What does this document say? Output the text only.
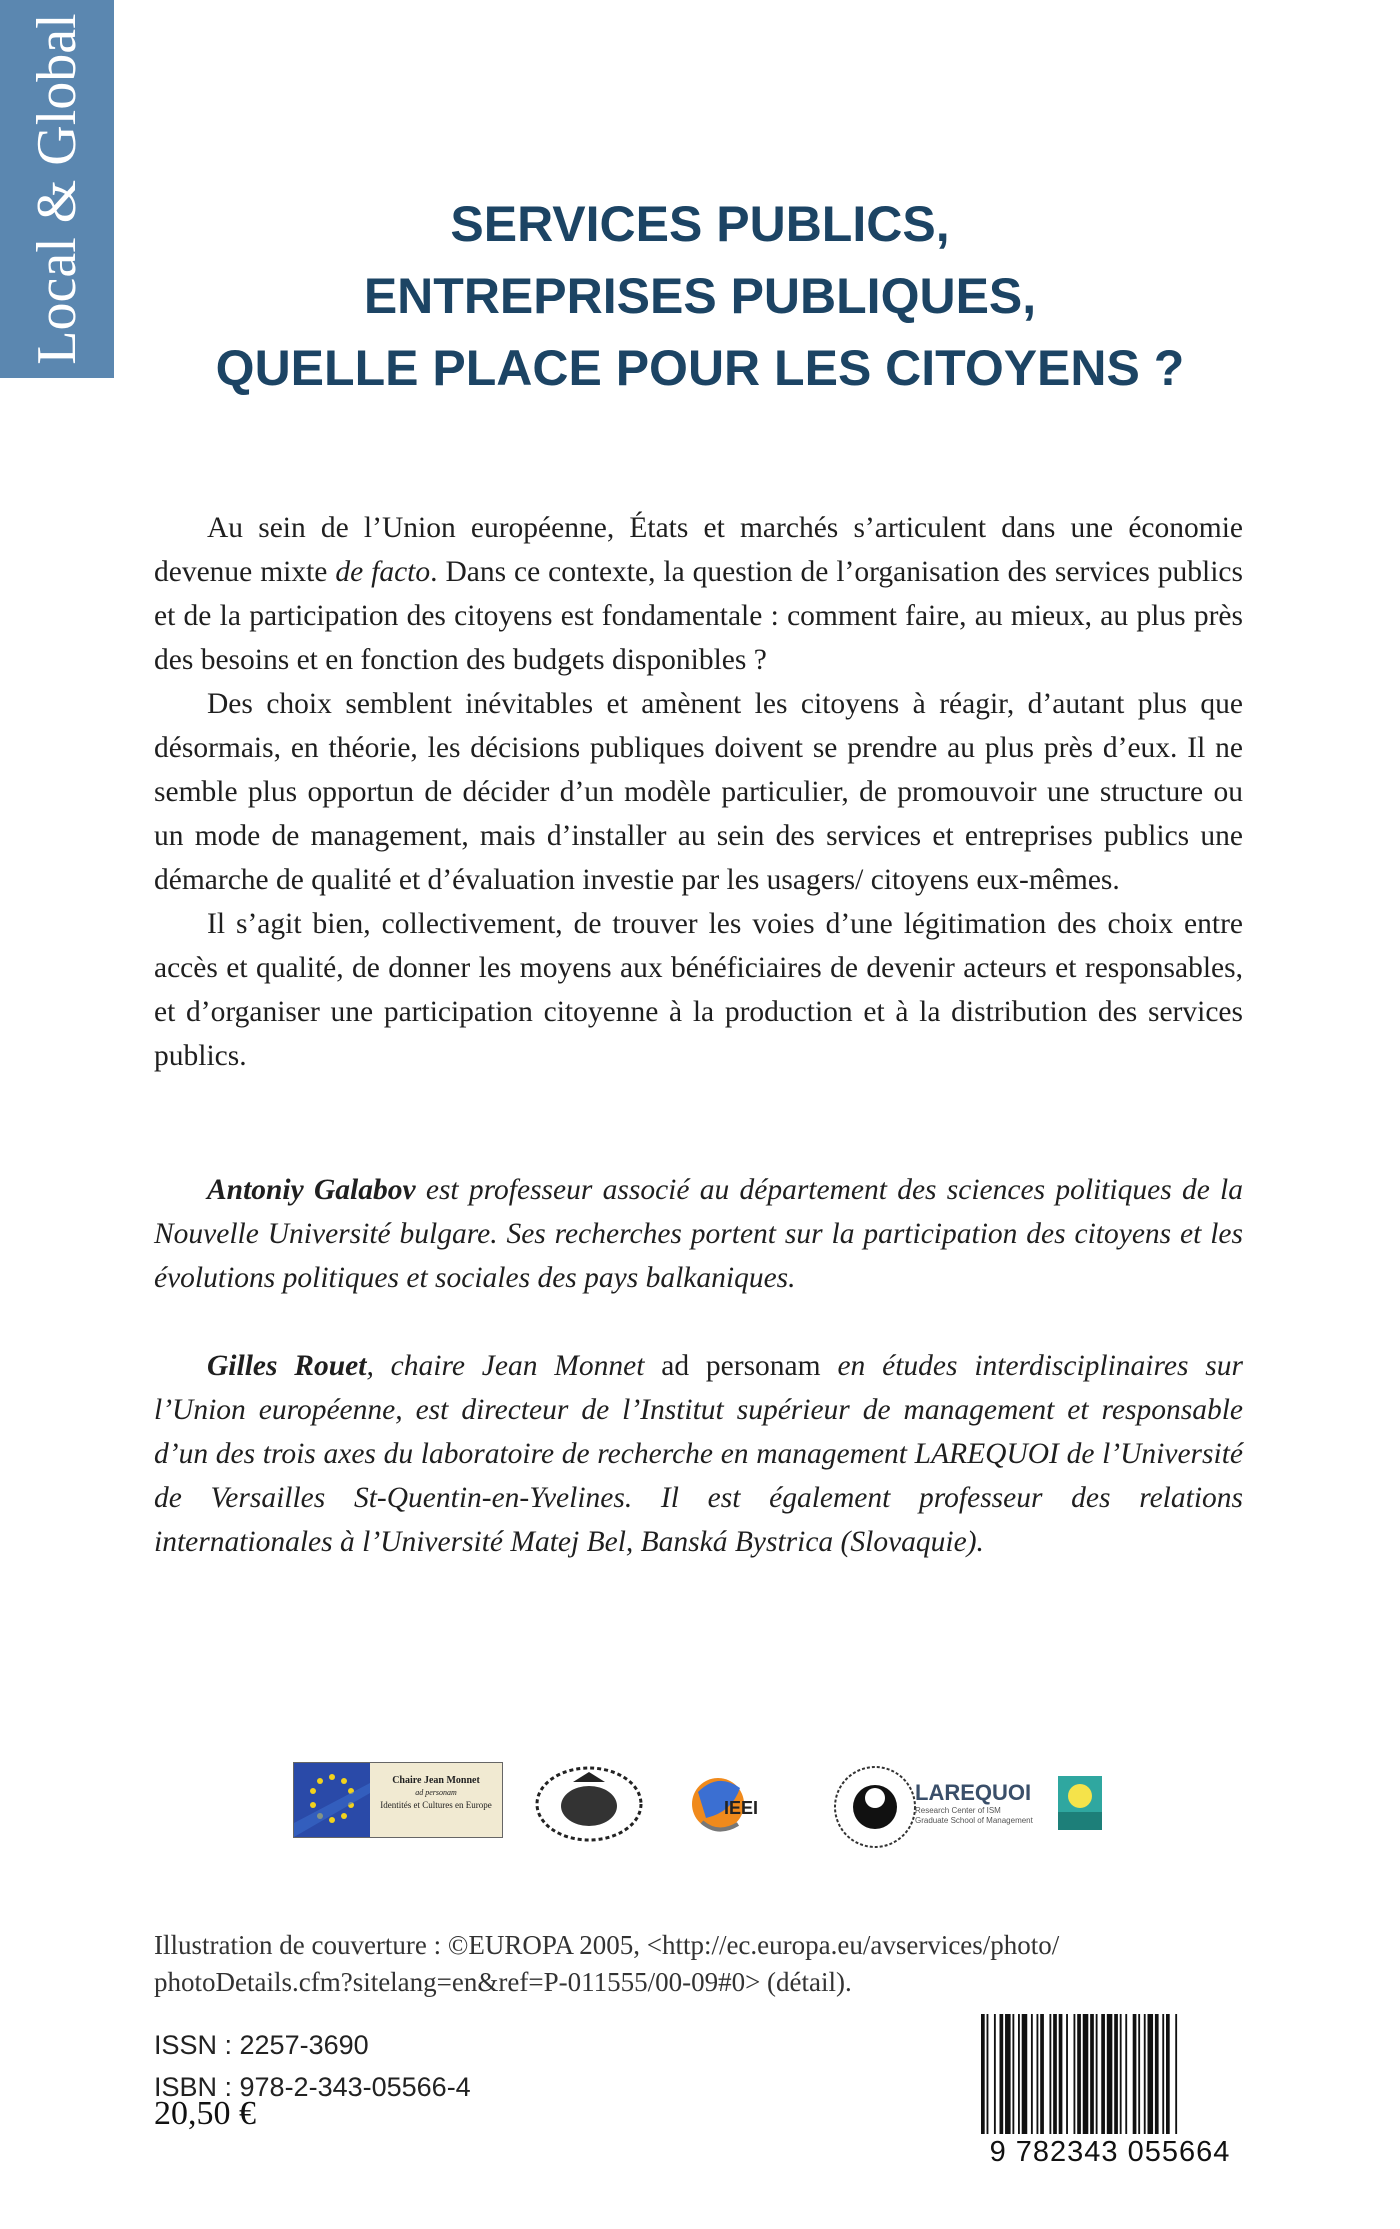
Local & Global	SERVICES PUBLICS,
ENTREPRISES PUBLIQUES,
QUELLE PLACE POUR LES CITOYENS ?

Au sein de l’Union européenne, États et marchés s’articulent dans une économie devenue mixte de facto. Dans ce contexte, la question de l’organisation des services publics et de la participation des citoyens est fondamentale : comment faire, au mieux, au plus près des besoins et en fonction des budgets disponibles ?

Des choix semblent inévitables et amènent les citoyens à réagir, d’autant plus que désormais, en théorie, les décisions publiques doivent se prendre au plus près d’eux. Il ne semble plus opportun de décider d’un modèle particulier, de promouvoir une structure ou un mode de management, mais d’installer au sein des services et entreprises publics une démarche de qualité et d’évaluation investie par les usagers/ citoyens eux-mêmes.

Il s’agit bien, collectivement, de trouver les voies d’une légitimation des choix entre accès et qualité, de donner les moyens aux bénéficiaires de devenir acteurs et responsables, et d’organiser une participation citoyenne à la production et à la distribution des services publics.

Antoniy Galabov est professeur associé au département des sciences politiques de la Nouvelle Université bulgare. Ses recherches portent sur la participation des citoyens et les évolutions politiques et sociales des pays balkaniques.

Gilles Rouet, chaire Jean Monnet ad personam en études interdisciplinaires sur l’Union européenne, est directeur de l’Institut supérieur de management et responsable d’un des trois axes du laboratoire de recherche en management LAREQUOI de l’Université de Versailles St-Quentin-en-Yvelines. Il est également professeur des relations internationales à l’Université Matej Bel, Banská Bystrica (Slovaquie).

Chaire Jean Monnet
ad personam
Identités et Cultures en Europe	IEEI
LAREQUOI
Research Center of ISM
Graduate School of Management
Illustration de couverture : ©EUROPA 2005, <http://ec.europa.eu/avservices/photo/
photoDetails.cfm?sitelang=en&ref=P-011555/00-09#0> (détail).
ISSN : 2257-3690
ISBN : 978-2-343-05566-4
20,50 €
9 782343 055664
